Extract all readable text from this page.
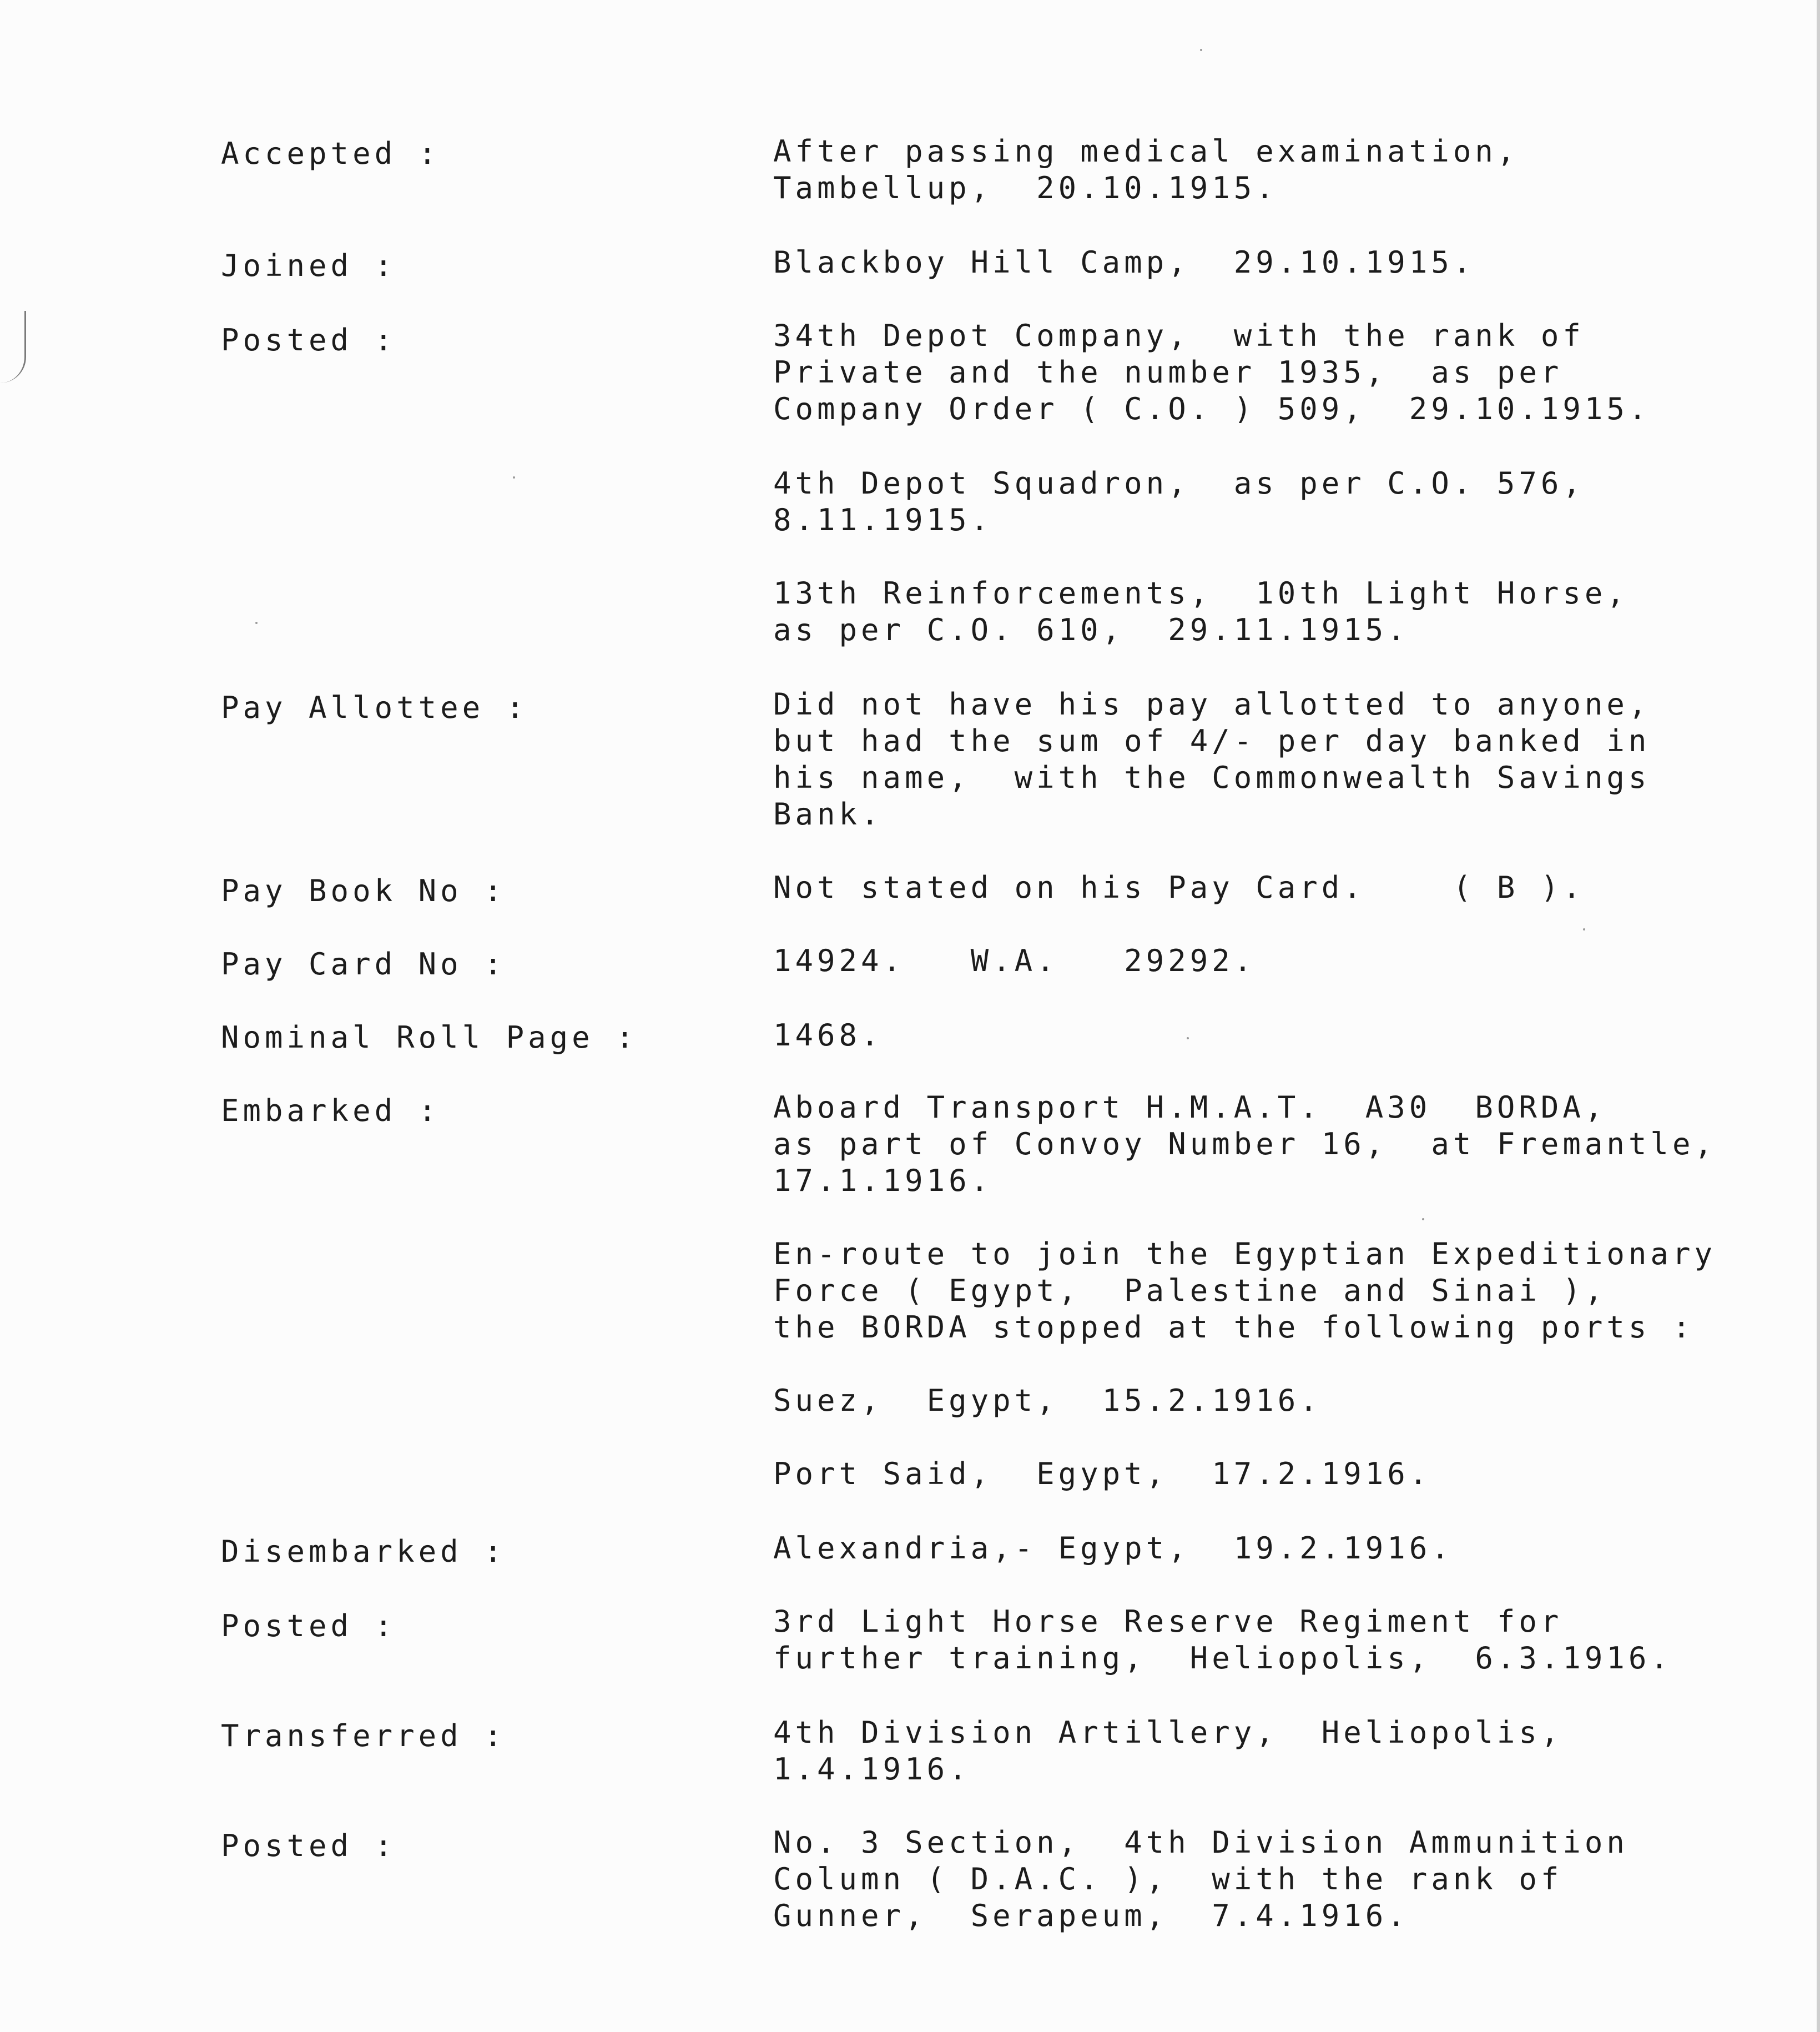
Accepted :	After passing medical examination,
Tambellup,  20.10.1915.

Joined :	Blackboy Hill Camp,  29.10.1915.

Posted :	34th Depot Company,  with the rank of
Private and the number 1935,  as per
Company Order ( C.O. ) 509,  29.10.1915.

4th Depot Squadron,  as per C.O. 576,
8.11.1915.

13th Reinforcements,  10th Light Horse,
as per C.O. 610,  29.11.1915.

Pay Allottee :	Did not have his pay allotted to anyone,
but had the sum of 4/- per day banked in
his name,  with the Commonwealth Savings
Bank.

Pay Book No :	Not stated on his Pay Card.    ( B ).

Pay Card No :	14924.   W.A.   29292.

Nominal Roll Page :	1468.

Embarked :	Aboard Transport H.M.A.T.  A30  BORDA,
as part of Convoy Number 16,  at Fremantle,
17.1.1916.

En-route to join the Egyptian Expeditionary
Force ( Egypt,  Palestine and Sinai ),
the BORDA stopped at the following ports :

Suez,  Egypt,  15.2.1916.

Port Said,  Egypt,  17.2.1916.

Disembarked :	Alexandria,- Egypt,  19.2.1916.

Posted :	3rd Light Horse Reserve Regiment for
further training,  Heliopolis,  6.3.1916.

Transferred :	4th Division Artillery,  Heliopolis,
1.4.1916.

Posted :	No. 3 Section,  4th Division Ammunition
Column ( D.A.C. ),  with the rank of
Gunner,  Serapeum,  7.4.1916.
